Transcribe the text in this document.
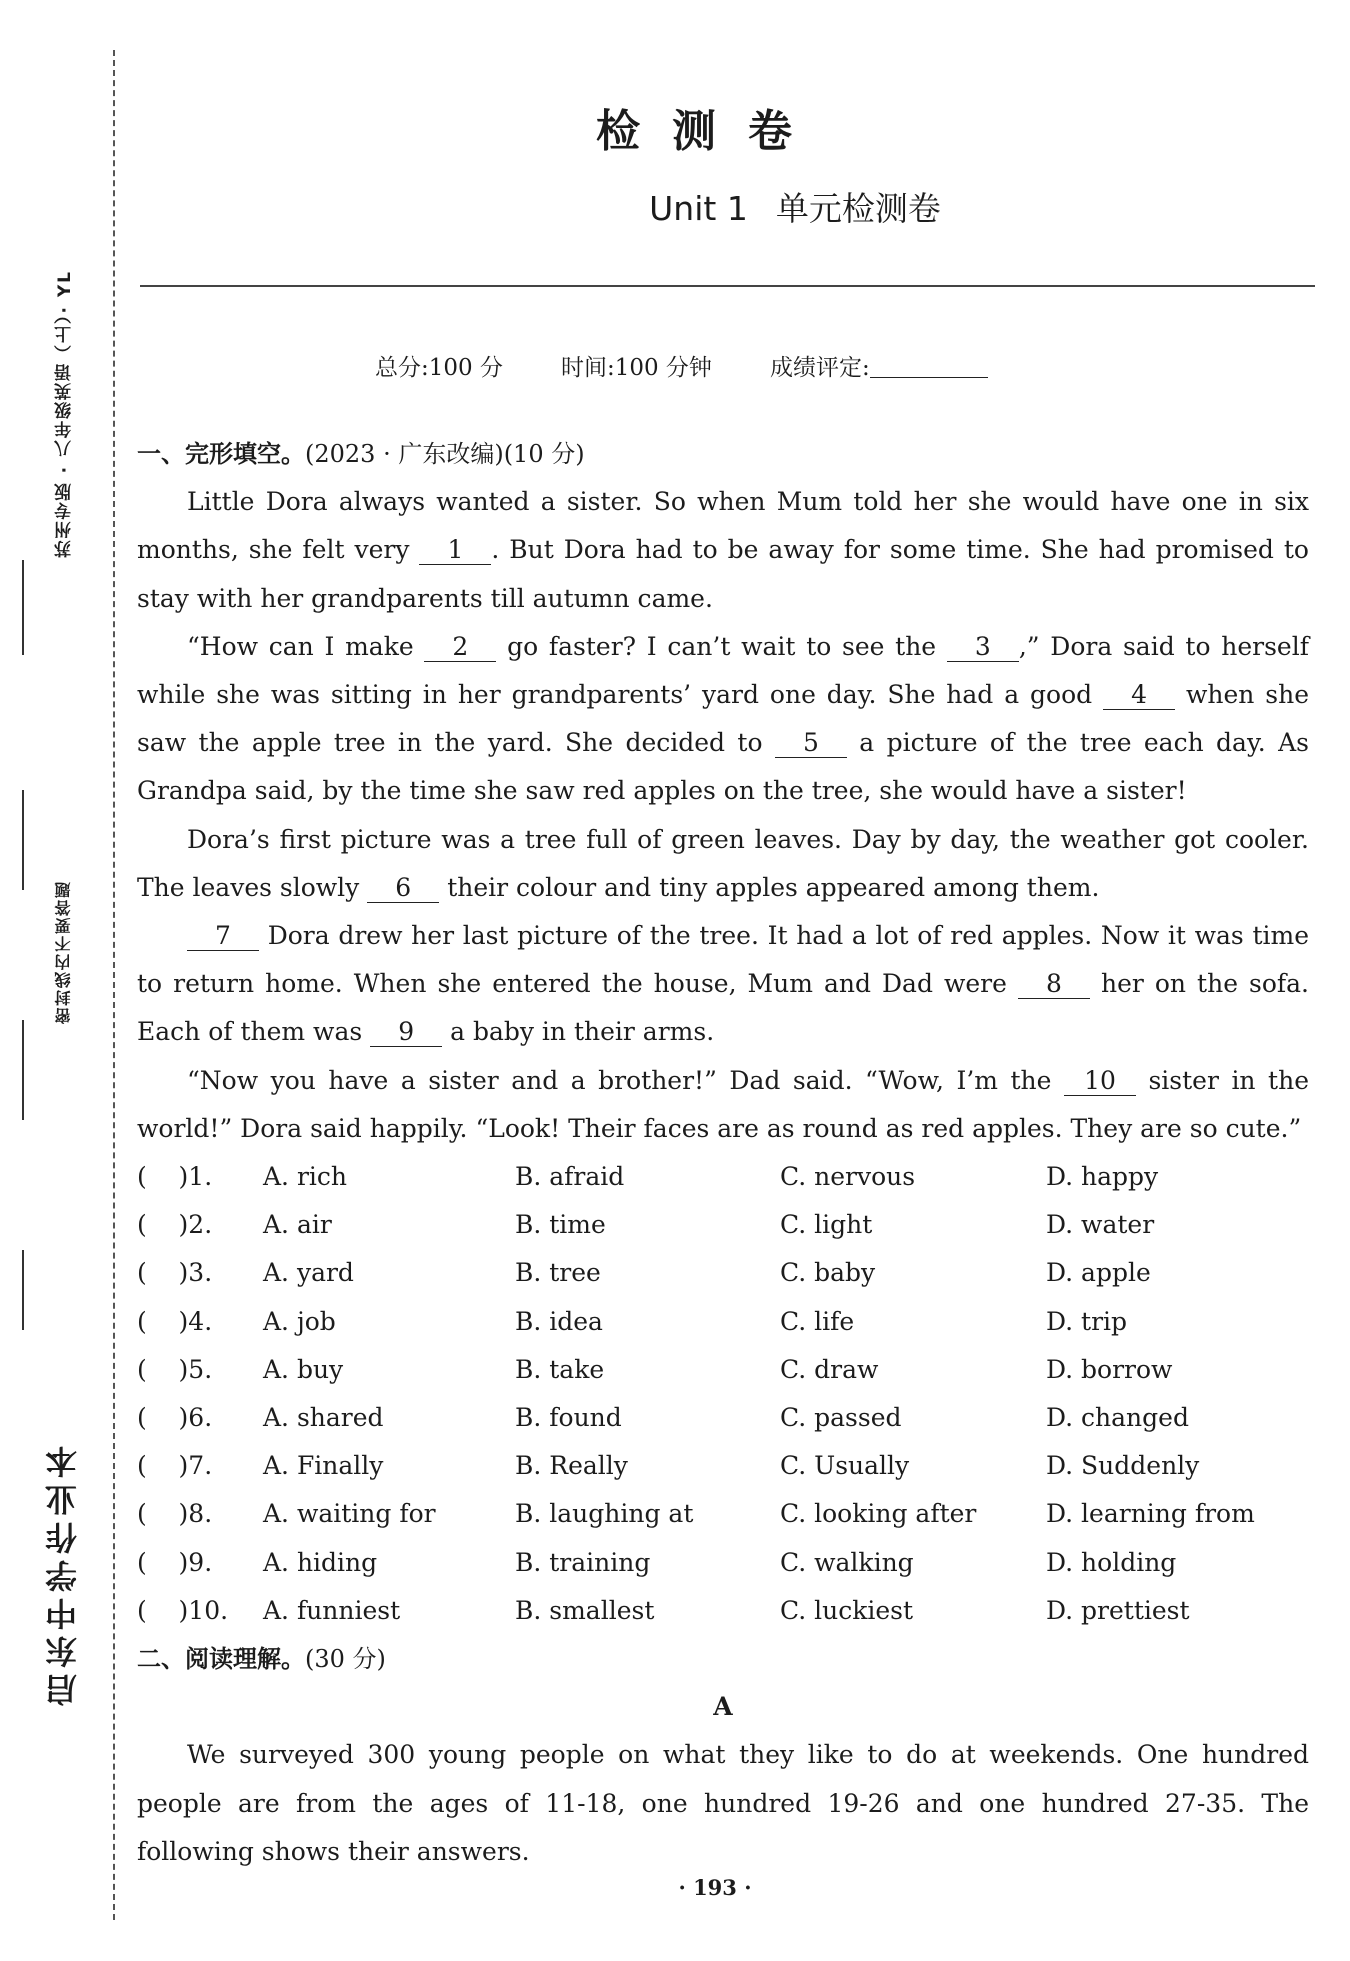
苏州专版 · 八年级英语（上）· YL
密封线内不要答题
启东中学作业本
检测卷
Unit 1 单元检测卷
总分:100 分	时间:100 分钟	成绩评定:
一、完形填空。(2023 · 广东改编)(10 分)

Little Dora always wanted a sister. So when Mum told her she would have one in six months, she felt very 1 . But Dora had to be away for some time. She had promised to stay with her grandparents till autumn came.

“How can I make 2 go faster? I can’t wait to see the 3 ,” Dora said to herself while she was sitting in her grandparents’ yard one day. She had a good 4 when she saw the apple tree in the yard. She decided to 5 a picture of the tree each day. As Grandpa said, by the time she saw red apples on the tree, she would have a sister!

Dora’s first picture was a tree full of green leaves. Day by day, the weather got cooler. The leaves slowly 6 their colour and tiny apples appeared among them.

7 Dora drew her last picture of the tree. It had a lot of red apples. Now it was time to return home. When she entered the house, Mum and Dad were 8 her on the sofa. Each of them was 9 a baby in their arms.

“Now you have a sister and a brother!” Dad said. “Wow, I’m the 10 sister in the world!” Dora said happily. “Look! Their faces are as round as red apples. They are so cute.”

(    )1.	A. rich	B. afraid	C. nervous	D. happy
(    )2.	A. air	B. time	C. light	D. water
(    )3.	A. yard	B. tree	C. baby	D. apple
(    )4.	A. job	B. idea	C. life	D. trip
(    )5.	A. buy	B. take	C. draw	D. borrow
(    )6.	A. shared	B. found	C. passed	D. changed
(    )7.	A. Finally	B. Really	C. Usually	D. Suddenly
(    )8.	A. waiting for	B. laughing at	C. looking after	D. learning from
(    )9.	A. hiding	B. training	C. walking	D. holding
(    )10.	A. funniest	B. smallest	C. luckiest	D. prettiest
二、阅读理解。(30 分)
A

We surveyed 300 young people on what they like to do at weekends. One hundred people are from the ages of 11-18, one hundred 19-26 and one hundred 27-35. The following shows their answers.

· 193 ·
